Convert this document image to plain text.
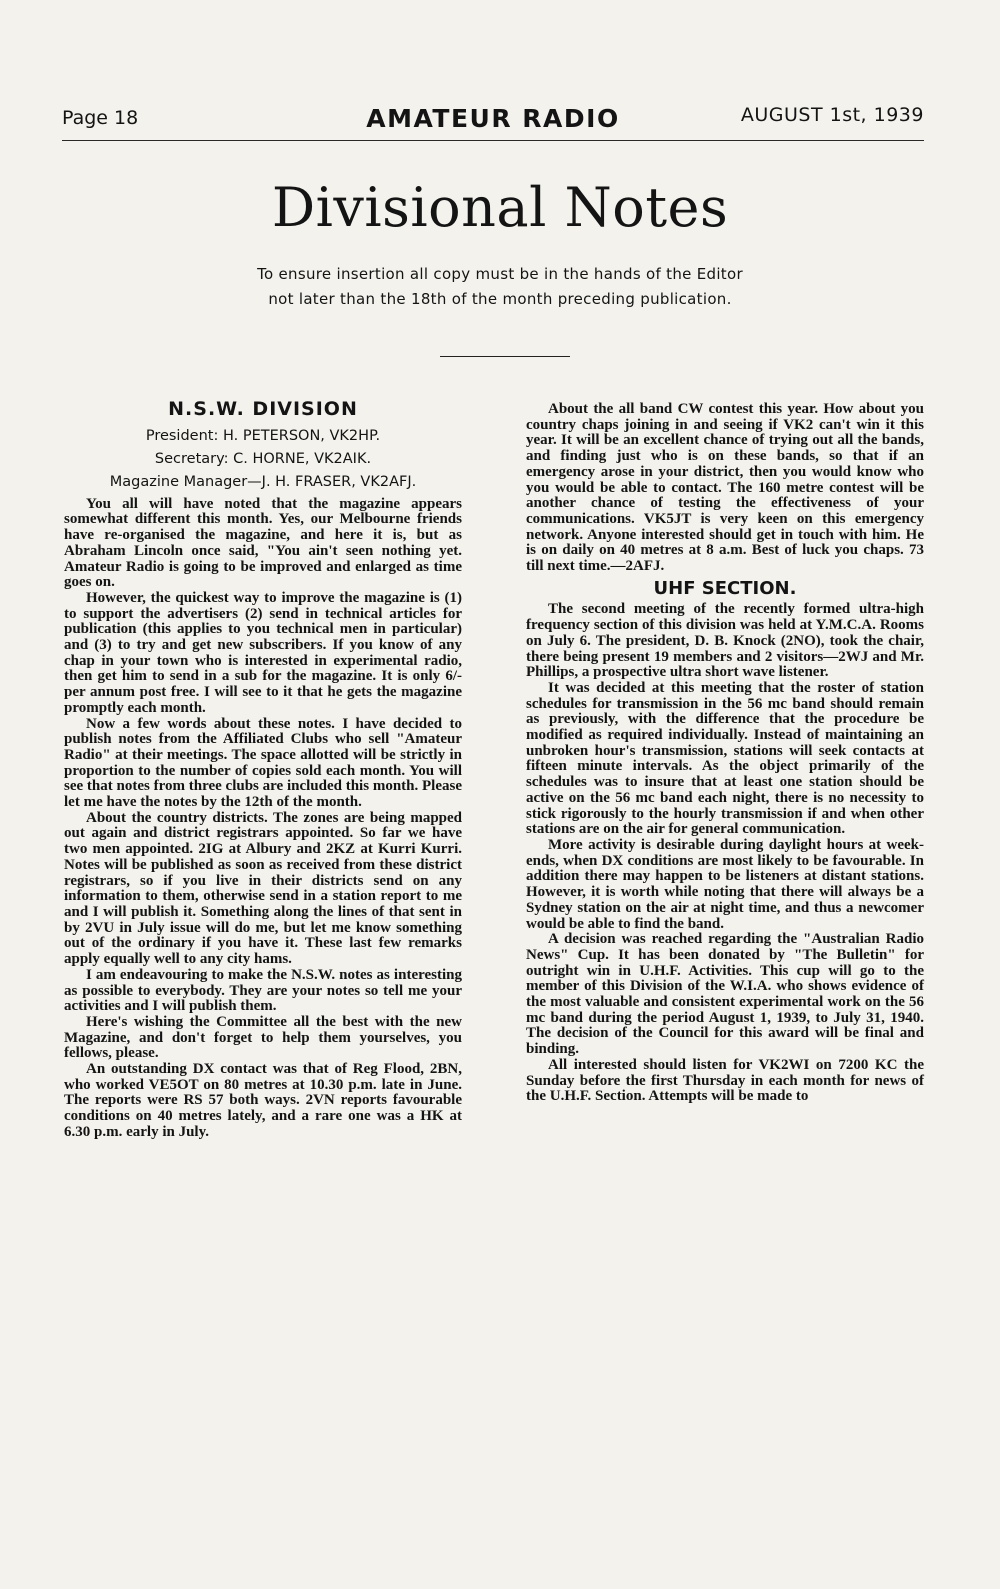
Page 18	AMATEUR RADIO	AUGUST 1st, 1939
Divisional Notes
To ensure insertion all copy must be in the hands of the Editor
not later than the 18th of the month preceding publication.
N.S.W. DIVISION
President: H. PETERSON, VK2HP.
Secretary: C. HORNE, VK2AIK.
Magazine Manager—J. H. FRASER, VK2AFJ.

You all will have noted that the magazine appears somewhat different this month. Yes, our Melbourne friends have re-organised the magazine, and here it is, but as Abraham Lincoln once said, "You ain't seen nothing yet. Amateur Radio is going to be improved and enlarged as time goes on.

However, the quickest way to improve the magazine is (1) to support the advertisers (2) send in technical articles for publication (this applies to you technical men in particular) and (3) to try and get new subscribers. If you know of any chap in your town who is interested in experimental radio, then get him to send in a sub for the magazine. It is only 6/- per annum post free. I will see to it that he gets the magazine promptly each month.

Now a few words about these notes. I have decided to publish notes from the Affiliated Clubs who sell "Amateur Radio" at their meetings. The space allotted will be strictly in proportion to the number of copies sold each month. You will see that notes from three clubs are included this month. Please let me have the notes by the 12th of the month.

About the country districts. The zones are being mapped out again and district registrars appointed. So far we have two men appointed. 2IG at Albury and 2KZ at Kurri Kurri. Notes will be published as soon as received from these district registrars, so if you live in their districts send on any information to them, otherwise send in a station report to me and I will publish it. Something along the lines of that sent in by 2VU in July issue will do me, but let me know something out of the ordinary if you have it. These last few remarks apply equally well to any city hams.

I am endeavouring to make the N.S.W. notes as interesting as possible to everybody. They are your notes so tell me your activities and I will publish them.

Here's wishing the Committee all the best with the new Magazine, and don't forget to help them yourselves, you fellows, please.

An outstanding DX contact was that of Reg Flood, 2BN, who worked VE5OT on 80 metres at 10.30 p.m. late in June. The reports were RS 57 both ways. 2VN reports favourable conditions on 40 metres lately, and a rare one was a HK at 6.30 p.m. early in July.

About the all band CW contest this year. How about you country chaps joining in and seeing if VK2 can't win it this year. It will be an excellent chance of trying out all the bands, and finding just who is on these bands, so that if an emergency arose in your district, then you would know who you would be able to contact. The 160 metre contest will be another chance of testing the effectiveness of your communications. VK5JT is very keen on this emergency network. Anyone interested should get in touch with him. He is on daily on 40 metres at 8 a.m. Best of luck you chaps. 73 till next time.—2AFJ.

UHF SECTION.

The second meeting of the recently formed ultra-high frequency section of this division was held at Y.M.C.A. Rooms on July 6. The president, D. B. Knock (2NO), took the chair, there being present 19 members and 2 visitors—2WJ and Mr. Phillips, a prospective ultra short wave listener.

It was decided at this meeting that the roster of station schedules for transmission in the 56 mc band should remain as previously, with the difference that the procedure be modified as required individually. Instead of maintaining an unbroken hour's transmission, stations will seek contacts at fifteen minute intervals. As the object primarily of the schedules was to insure that at least one station should be active on the 56 mc band each night, there is no necessity to stick rigorously to the hourly transmission if and when other stations are on the air for general communication.

More activity is desirable during daylight hours at week-ends, when DX conditions are most likely to be favourable. In addition there may happen to be listeners at distant stations. However, it is worth while noting that there will always be a Sydney station on the air at night time, and thus a newcomer would be able to find the band.

A decision was reached regarding the "Australian Radio News" Cup. It has been donated by "The Bulletin" for outright win in U.H.F. Activities. This cup will go to the member of this Division of the W.I.A. who shows evidence of the most valuable and consistent experimental work on the 56 mc band during the period August 1, 1939, to July 31, 1940. The decision of the Council for this award will be final and binding.

All interested should listen for VK2WI on 7200 KC the Sunday before the first Thursday in each month for news of the U.H.F. Section. Attempts will be made to
